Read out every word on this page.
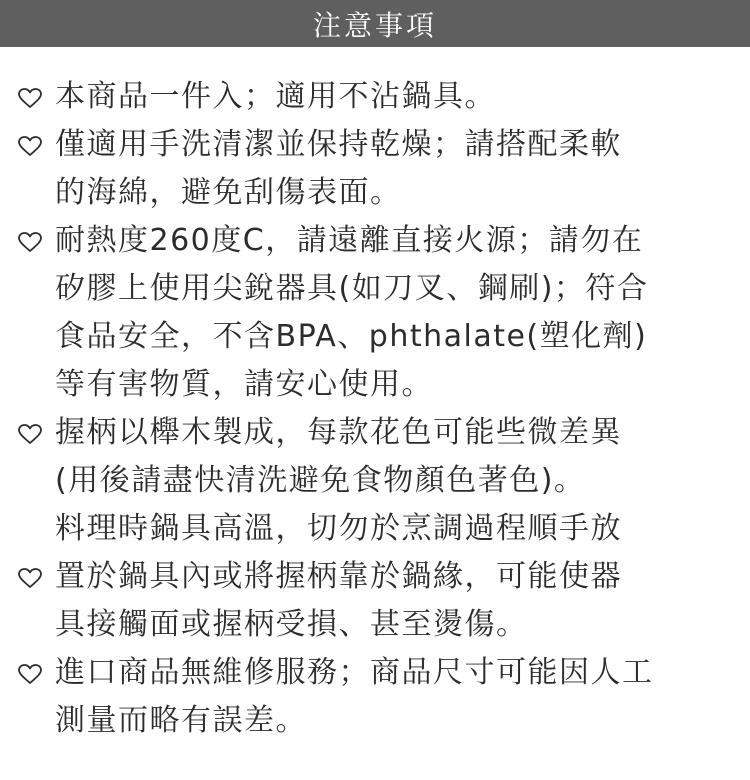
注意事項
本商品一件入；適用不沾鍋具。
僅適用手洗清潔並保持乾燥；請搭配柔軟
的海綿，避免刮傷表面。
耐熱度260度C，請遠離直接火源；請勿在
矽膠上使用尖銳器具(如刀叉、鋼刷)；符合
食品安全，不含BPA、phthalate(塑化劑)
等有害物質，請安心使用。
握柄以櫸木製成，每款花色可能些微差異
(用後請盡快清洗避免食物顏色著色)。
料理時鍋具高溫，切勿於烹調過程順手放
置於鍋具內或將握柄靠於鍋緣，可能使器
具接觸面或握柄受損、甚至燙傷。
進口商品無維修服務；商品尺寸可能因人工
測量而略有誤差。
